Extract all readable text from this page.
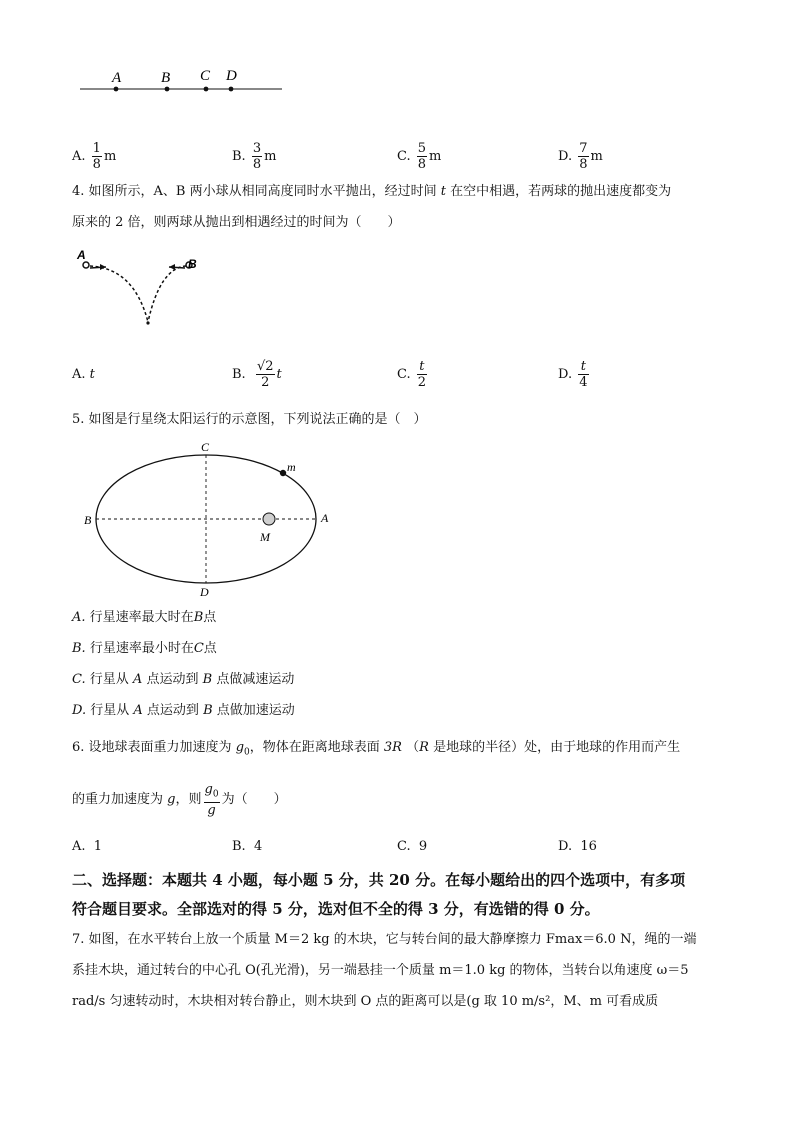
A	B C D
A.
$\frac{1}{8}$ m	B.
$\frac{3}{8}$ m	C.
$\frac{5}{8}$ m	D.
$\frac{7}{8}$ m
4. 如图所示，A、B 两小球从相同高度同时水平抛出，经过时间 t 在空中相遇，若两球的抛出速度都变为
原来的 2 倍，则两球从抛出到相遇经过的时间为（　　）
A
B
A.
t	B.
$\frac{√2}{2}$ t	C.
$\frac{t}{2}$	D.
$\frac{t}{4}$
5. 如图是行星绕太阳运行的示意图，下列说法正确的是（　）
C
m
B	A
M
D
A. 行星速率最大时在B点
B. 行星速率最小时在C点
C. 行星从 A 点运动到 B 点做减速运动
D. 行星从 A 点运动到 B 点做加速运动
6. 设地球表面重力加速度为 $g_0$，物体在距离地球表面 3R （R 是地球的半径）处，由于地球的作用而产生
的重力加速度为
g ，则 $\frac{g_0}{g}$ 为（　　）
A.
1	B.
4	C.
9	D.
16
二、选择题：本题共 4 小题，每小题 5 分，共 20 分。在每小题给出的四个选项中，有多项
符合题目要求。全部选对的得 5 分，选对但不全的得 3 分，有选错的得 0 分。
7. 如图，在水平转台上放一个质量 M＝2 kg 的木块，它与转台间的最大静摩擦力 Fmax＝6.0 N，绳的一端
系挂木块，通过转台的中心孔 O(孔光滑)，另一端悬挂一个质量 m＝1.0 kg 的物体，当转台以角速度 ω＝5
rad/s 匀速转动时，木块相对转台静止，则木块到 O 点的距离可以是(g 取 10 m/s²，M、m 可看成质
